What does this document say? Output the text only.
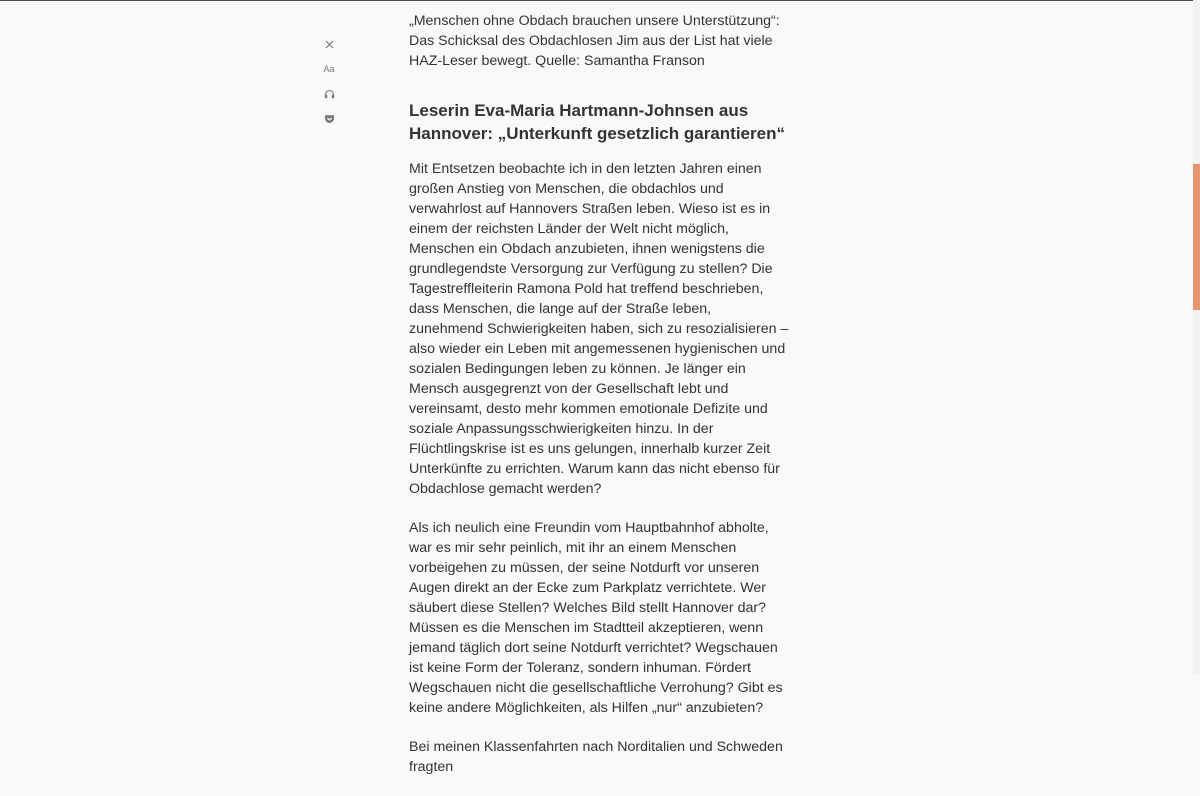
Aa

„Menschen ohne Obdach brauchen unsere Unterstützung“: Das Schicksal des Obdachlosen Jim aus der List hat viele HAZ-Leser bewegt. Quelle: Samantha Franson

Leserin Eva-Maria Hartmann-Johnsen aus Hannover: „Unterkunft gesetzlich garantieren“

Mit Entsetzen beobachte ich in den letzten Jahren einen großen Anstieg von Menschen, die obdachlos und verwahrlost auf Hannovers Straßen leben. Wieso ist es in einem der reichsten Länder der Welt nicht möglich, Menschen ein Obdach anzubieten, ihnen wenigstens die grundlegendste Versorgung zur Verfügung zu stellen? Die Tagestreffleiterin Ramona Pold hat treffend beschrieben, dass Menschen, die lange auf der Straße leben, zunehmend Schwierigkeiten haben, sich zu resozialisieren – also wieder ein Leben mit angemessenen hygienischen und sozialen Bedingungen leben zu können. Je länger ein Mensch ausgegrenzt von der Gesellschaft lebt und vereinsamt, desto mehr kommen emotionale Defizite und soziale Anpassungsschwierigkeiten hinzu. In der Flüchtlingskrise ist es uns gelungen, innerhalb kurzer Zeit Unterkünfte zu errichten. Warum kann das nicht ebenso für Obdachlose gemacht werden?

Als ich neulich eine Freundin vom Hauptbahnhof abholte, war es mir sehr peinlich, mit ihr an einem Menschen vorbeigehen zu müssen, der seine Notdurft vor unseren Augen direkt an der Ecke zum Parkplatz verrichtete. Wer säubert diese Stellen? Welches Bild stellt Hannover dar? Müssen es die Menschen im Stadtteil akzeptieren, wenn jemand täglich dort seine Notdurft verrichtet? Wegschauen ist keine Form der Toleranz, sondern inhuman. Fördert Wegschauen nicht die gesellschaftliche Verrohung? Gibt es keine andere Möglichkeiten, als Hilfen „nur“ anzubieten?

Bei meinen Klassenfahrten nach Norditalien und Schweden fragten
